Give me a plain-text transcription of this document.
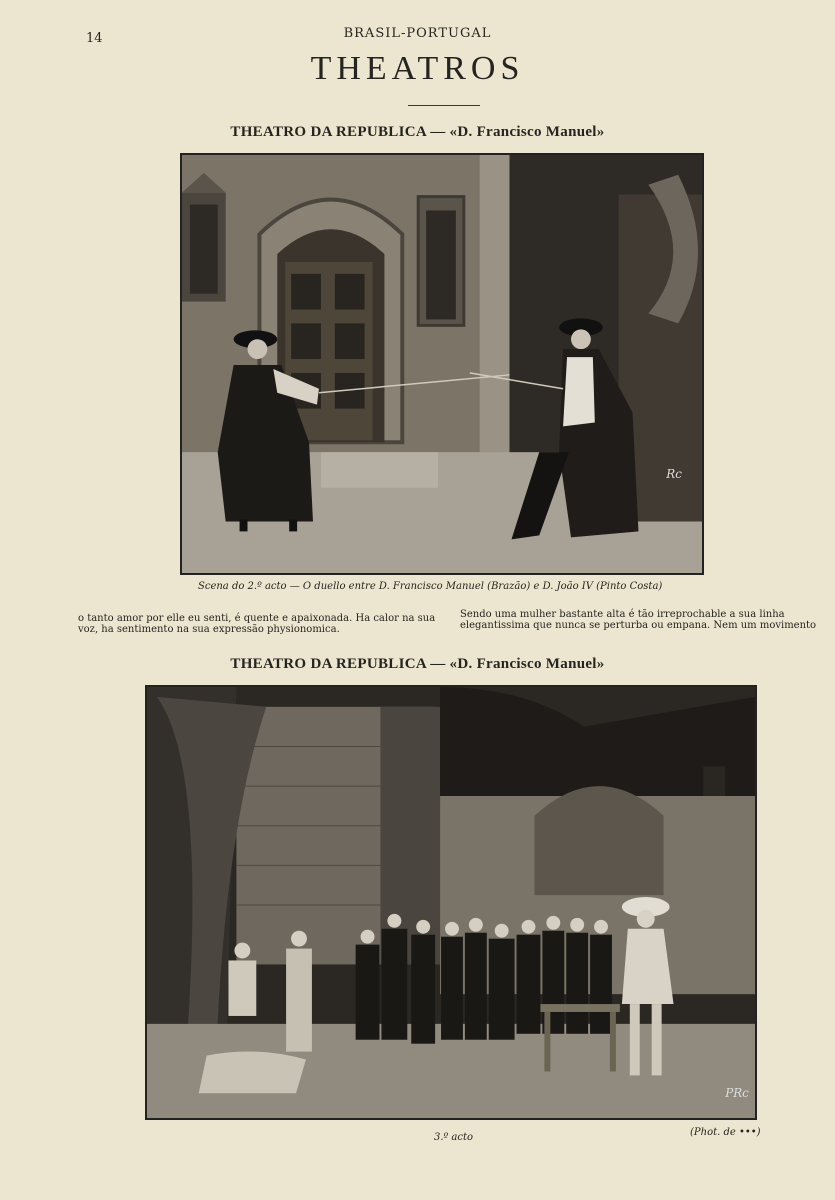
14	BRASIL-PORTUGAL
THEATROS
THEATRO DA REPUBLICA — «D. Francisco Manuel»
Rc
Scena do 2.º acto — O duello entre D. Francisco Manuel (Brazão) e D. João IV (Pinto Costa)
o tanto amor por elle eu senti, é quente e apaixonada. Ha calor na sua voz, ha sentimento na sua expressão physionomica.
Sendo uma mulher bastante alta é tão irreprochable a sua linha elegantissima que nunca se perturba ou empana. Nem um movimento
THEATRO DA REPUBLICA — «D. Francisco Manuel»
PRc
3.º acto	(Phot. de •••)
